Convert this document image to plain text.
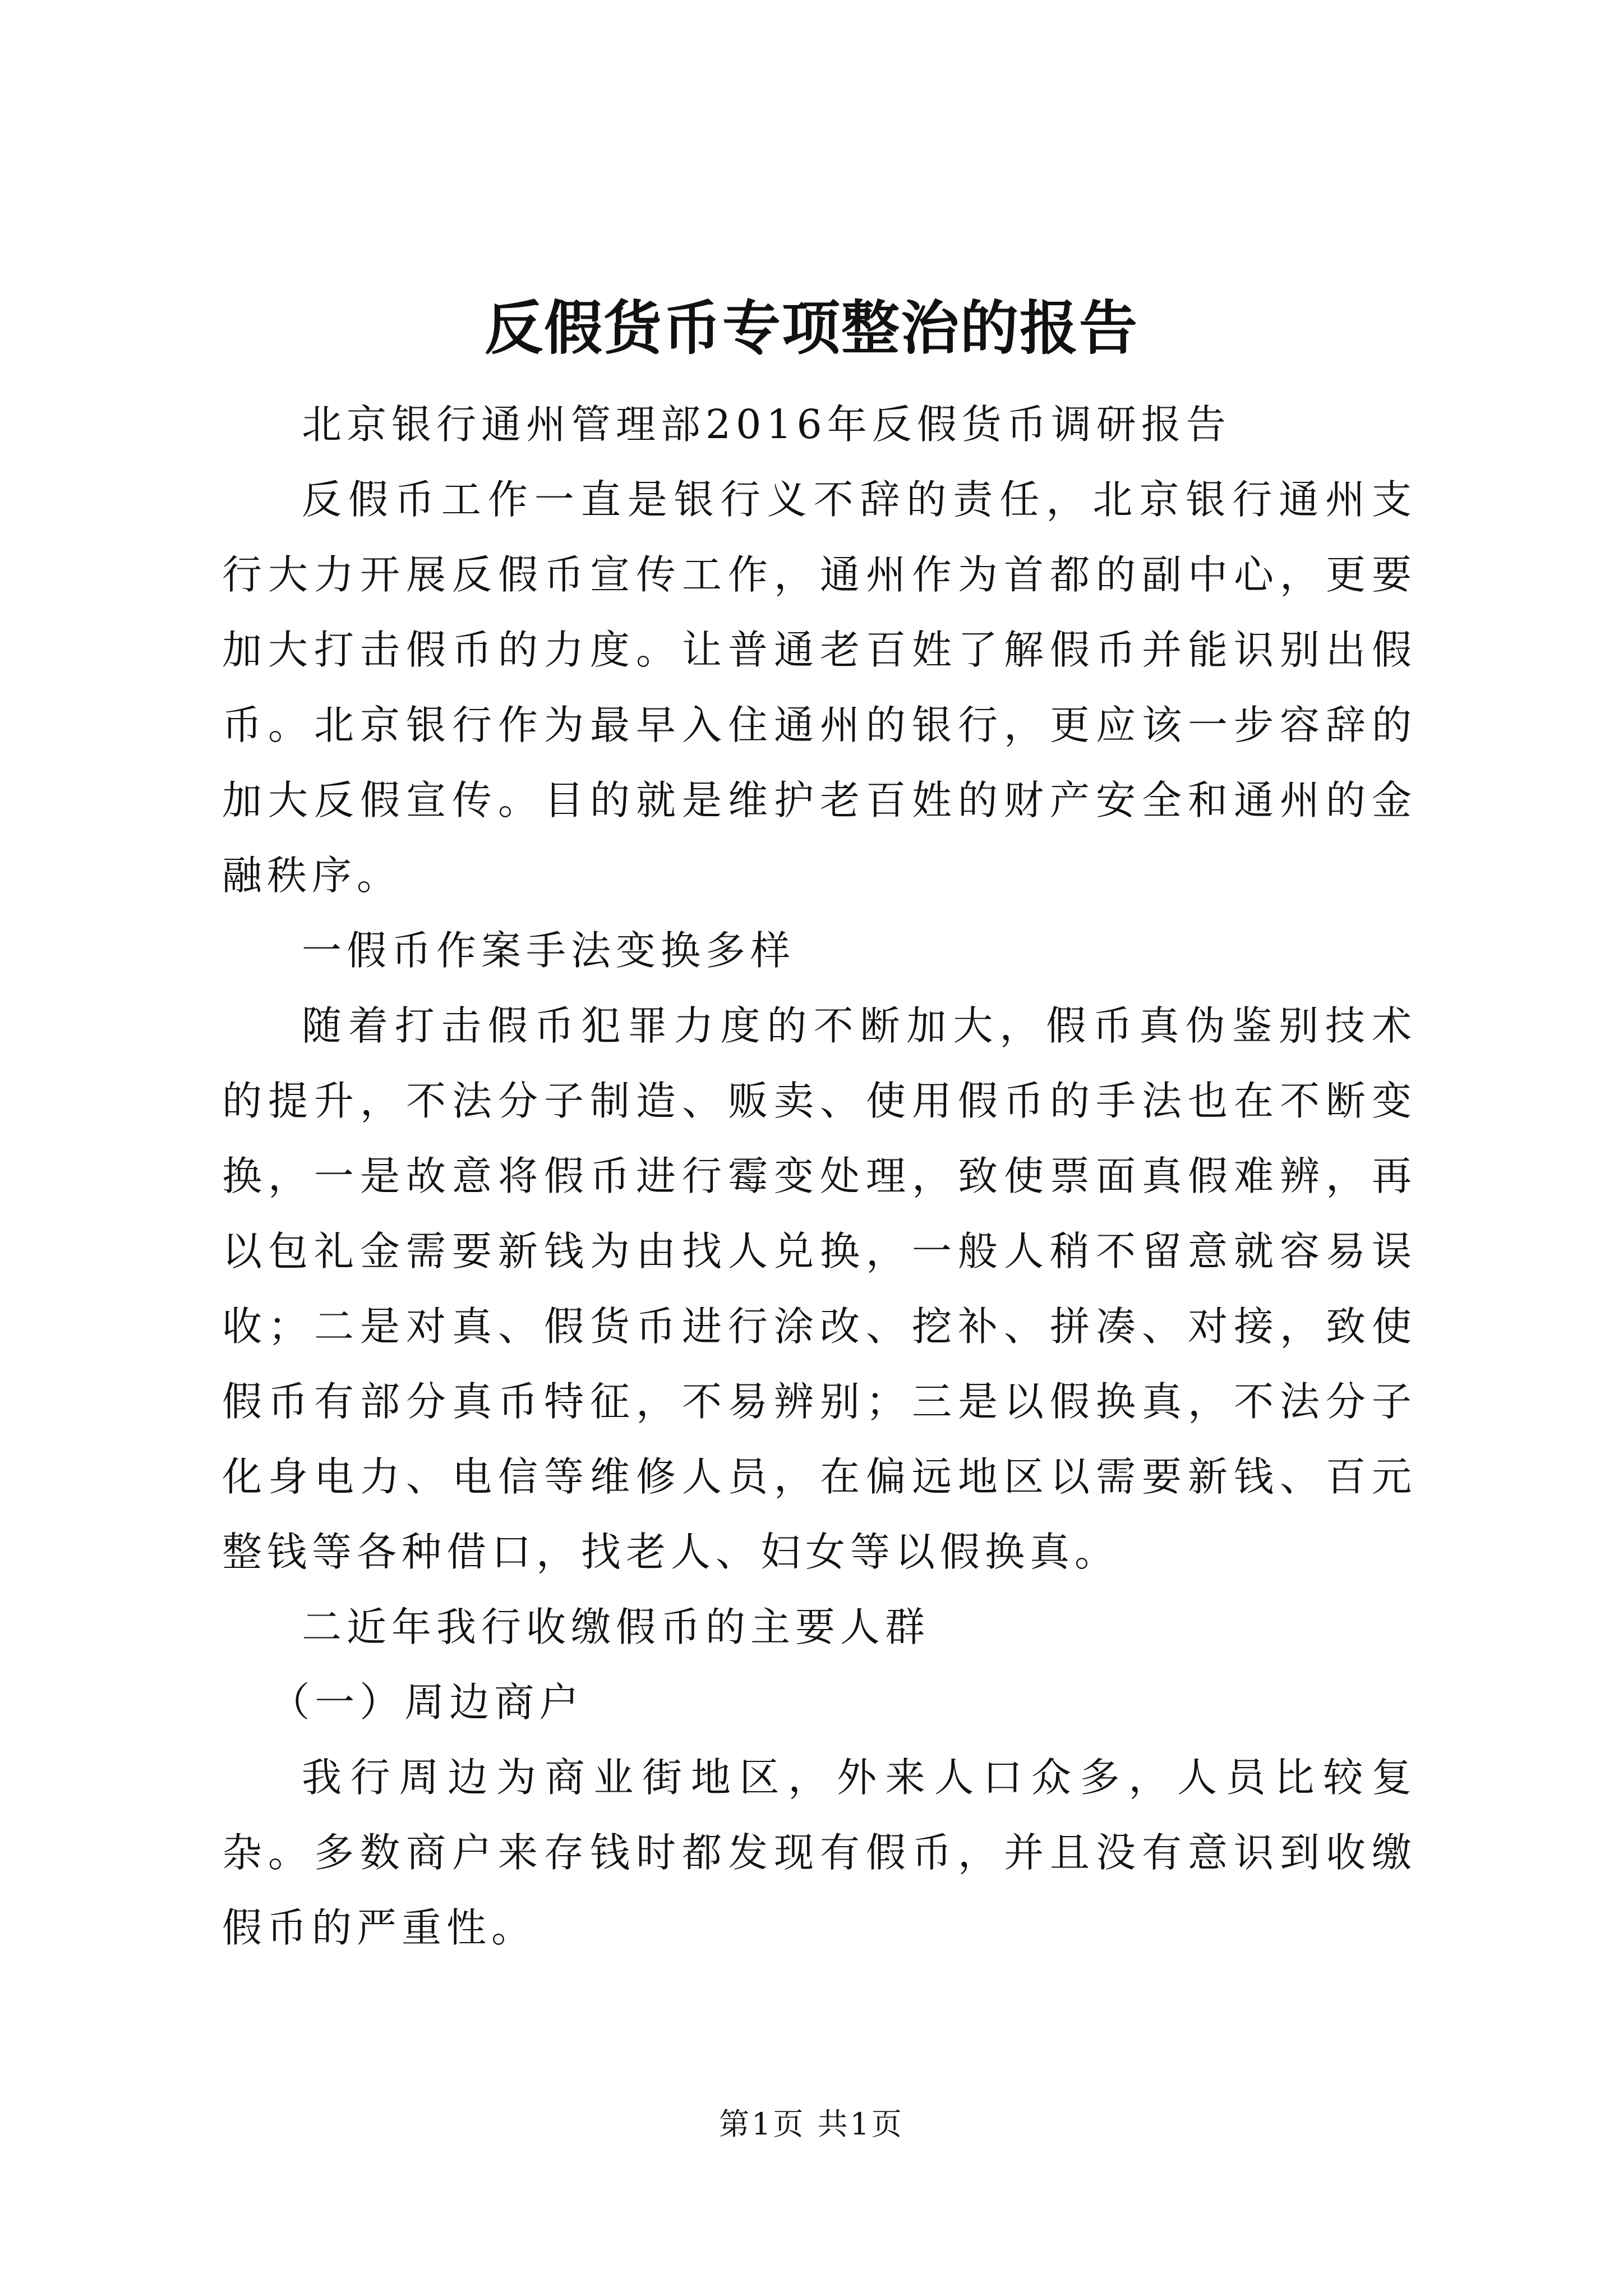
反假货币专项整治的报告

北京银行通州管理部2016年反假货币调研报告

反假币工作一直是银行义不辞的责任，北京银行通州支行大力开展反假币宣传工作，通州作为首都的副中心，更要加大打击假币的力度。让普通老百姓了解假币并能识别出假币。北京银行作为最早入住通州的银行，更应该一步容辞的加大反假宣传。目的就是维护老百姓的财产安全和通州的金融秩序。

一假币作案手法变换多样

随着打击假币犯罪力度的不断加大，假币真伪鉴别技术的提升，不法分子制造、贩卖、使用假币的手法也在不断变换，一是故意将假币进行霉变处理，致使票面真假难辨，再以包礼金需要新钱为由找人兑换，一般人稍不留意就容易误收；二是对真、假货币进行涂改、挖补、拼凑、对接，致使假币有部分真币特征，不易辨别；三是以假换真，不法分子化身电力、电信等维修人员，在偏远地区以需要新钱、百元整钱等各种借口，找老人、妇女等以假换真。

二近年我行收缴假币的主要人群

（一）周边商户

我行周边为商业街地区，外来人口众多，人员比较复杂。多数商户来存钱时都发现有假币，并且没有意识到收缴假币的严重性。

第1页 共1页
